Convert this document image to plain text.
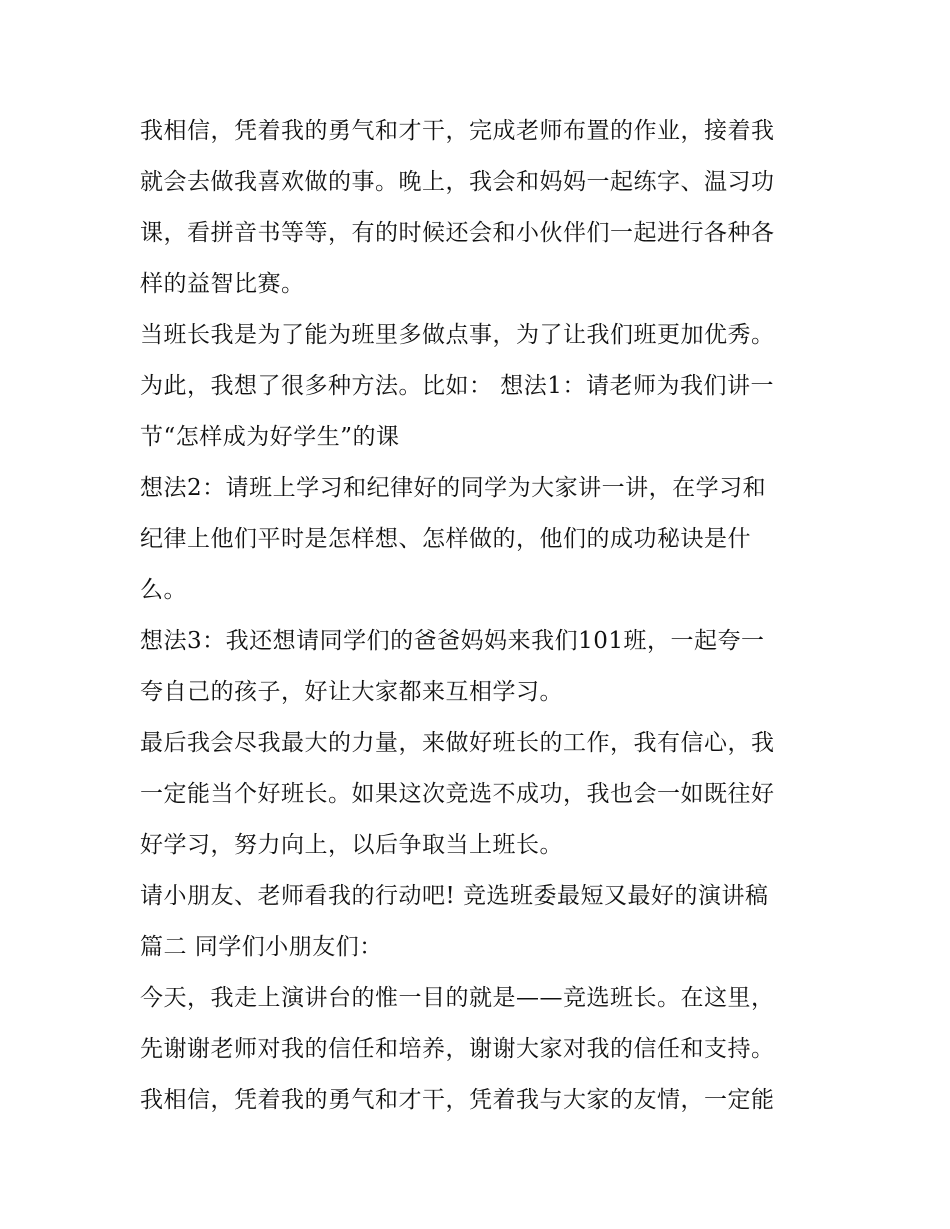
我相信，凭着我的勇气和才干，完成老师布置的作业，接着我
就会去做我喜欢做的事。晚上，我会和妈妈一起练字、温习功
课，看拼音书等等，有的时候还会和小伙伴们一起进行各种各
样的益智比赛。
当班长我是为了能为班里多做点事，为了让我们班更加优秀。
为此，我想了很多种方法。比如： 想法1：请老师为我们讲一
节“怎样成为好学生”的课
想法2：请班上学习和纪律好的同学为大家讲一讲，在学习和
纪律上他们平时是怎样想、怎样做的，他们的成功秘诀是什
么。
想法3：我还想请同学们的爸爸妈妈来我们101班，一起夸一
夸自己的孩子，好让大家都来互相学习。
最后我会尽我最大的力量，来做好班长的工作，我有信心，我
一定能当个好班长。如果这次竞选不成功，我也会一如既往好
好学习，努力向上，以后争取当上班长。
请小朋友、老师看我的行动吧! 竞选班委最短又最好的演讲稿
篇二 同学们小朋友们：
今天，我走上演讲台的惟一目的就是——竞选班长。在这里，
先谢谢老师对我的信任和培养，谢谢大家对我的信任和支持。
我相信，凭着我的勇气和才干，凭着我与大家的友情，一定能
